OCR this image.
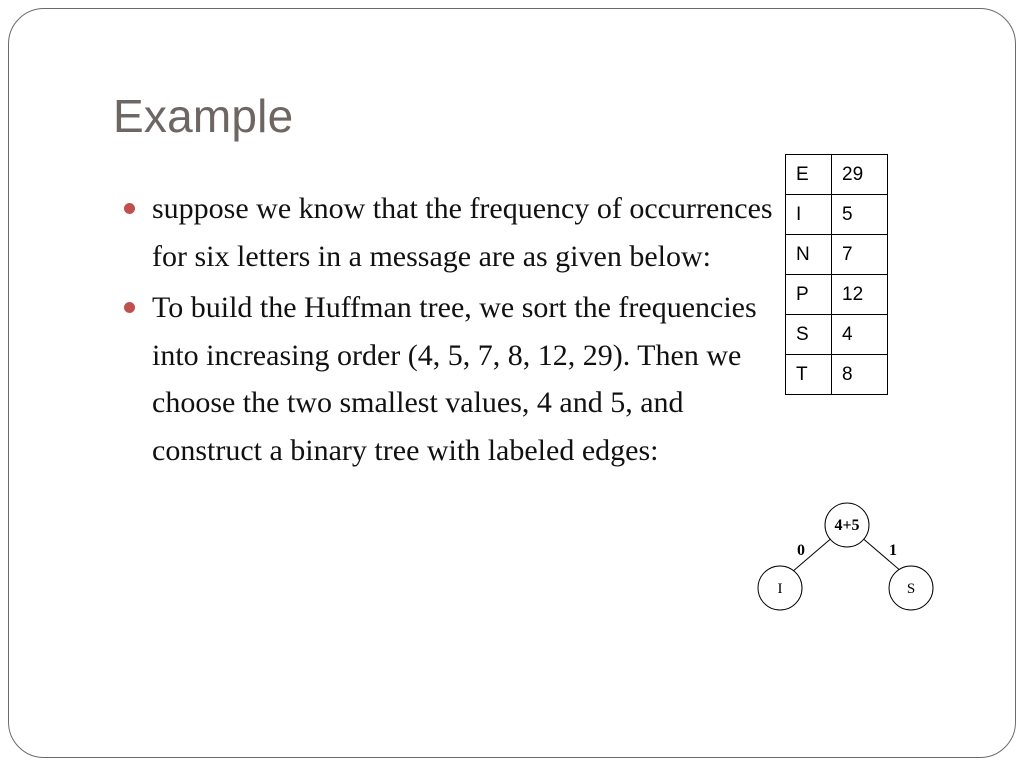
Example
suppose we know that the frequency of occurrences for six letters in a message are as given below:
To build the Huffman tree, we sort the frequencies into increasing order (4, 5, 7, 8, 12, 29). Then we choose the two smallest values, 4 and 5, and construct a binary tree with labeled edges:
E	29
I	5
N	7
P	12
S	4
T	8
4+5
I	S
0	1
